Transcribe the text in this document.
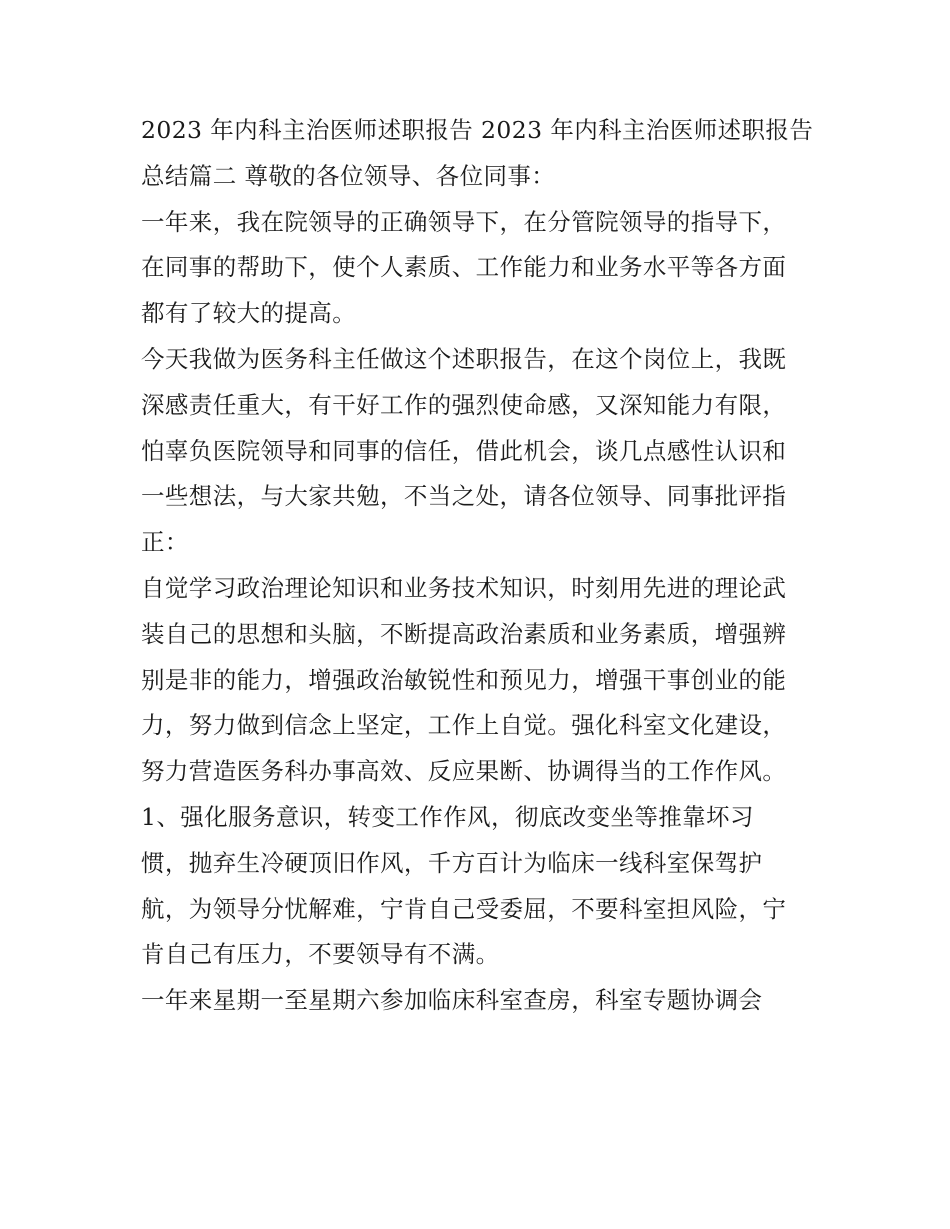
2023 年内科主治医师述职报告 2023 年内科主治医师述职报告
总结篇二 尊敬的各位领导、各位同事：
一年来，我在院领导的正确领导下，在分管院领导的指导下，
在同事的帮助下，使个人素质、工作能力和业务水平等各方面
都有了较大的提高。
今天我做为医务科主任做这个述职报告，在这个岗位上，我既
深感责任重大，有干好工作的强烈使命感，又深知能力有限，
怕辜负医院领导和同事的信任，借此机会，谈几点感性认识和
一些想法，与大家共勉，不当之处，请各位领导、同事批评指
正：
自觉学习政治理论知识和业务技术知识，时刻用先进的理论武
装自己的思想和头脑，不断提高政治素质和业务素质，增强辨
别是非的能力，增强政治敏锐性和预见力，增强干事创业的能
力，努力做到信念上坚定，工作上自觉。强化科室文化建设，
努力营造医务科办事高效、反应果断、协调得当的工作作风。
1、强化服务意识，转变工作作风，彻底改变坐等推靠坏习
惯，抛弃生冷硬顶旧作风，千方百计为临床一线科室保驾护
航，为领导分忧解难，宁肯自己受委屈，不要科室担风险，宁
肯自己有压力，不要领导有不满。
一年来星期一至星期六参加临床科室查房，科室专题协调会
